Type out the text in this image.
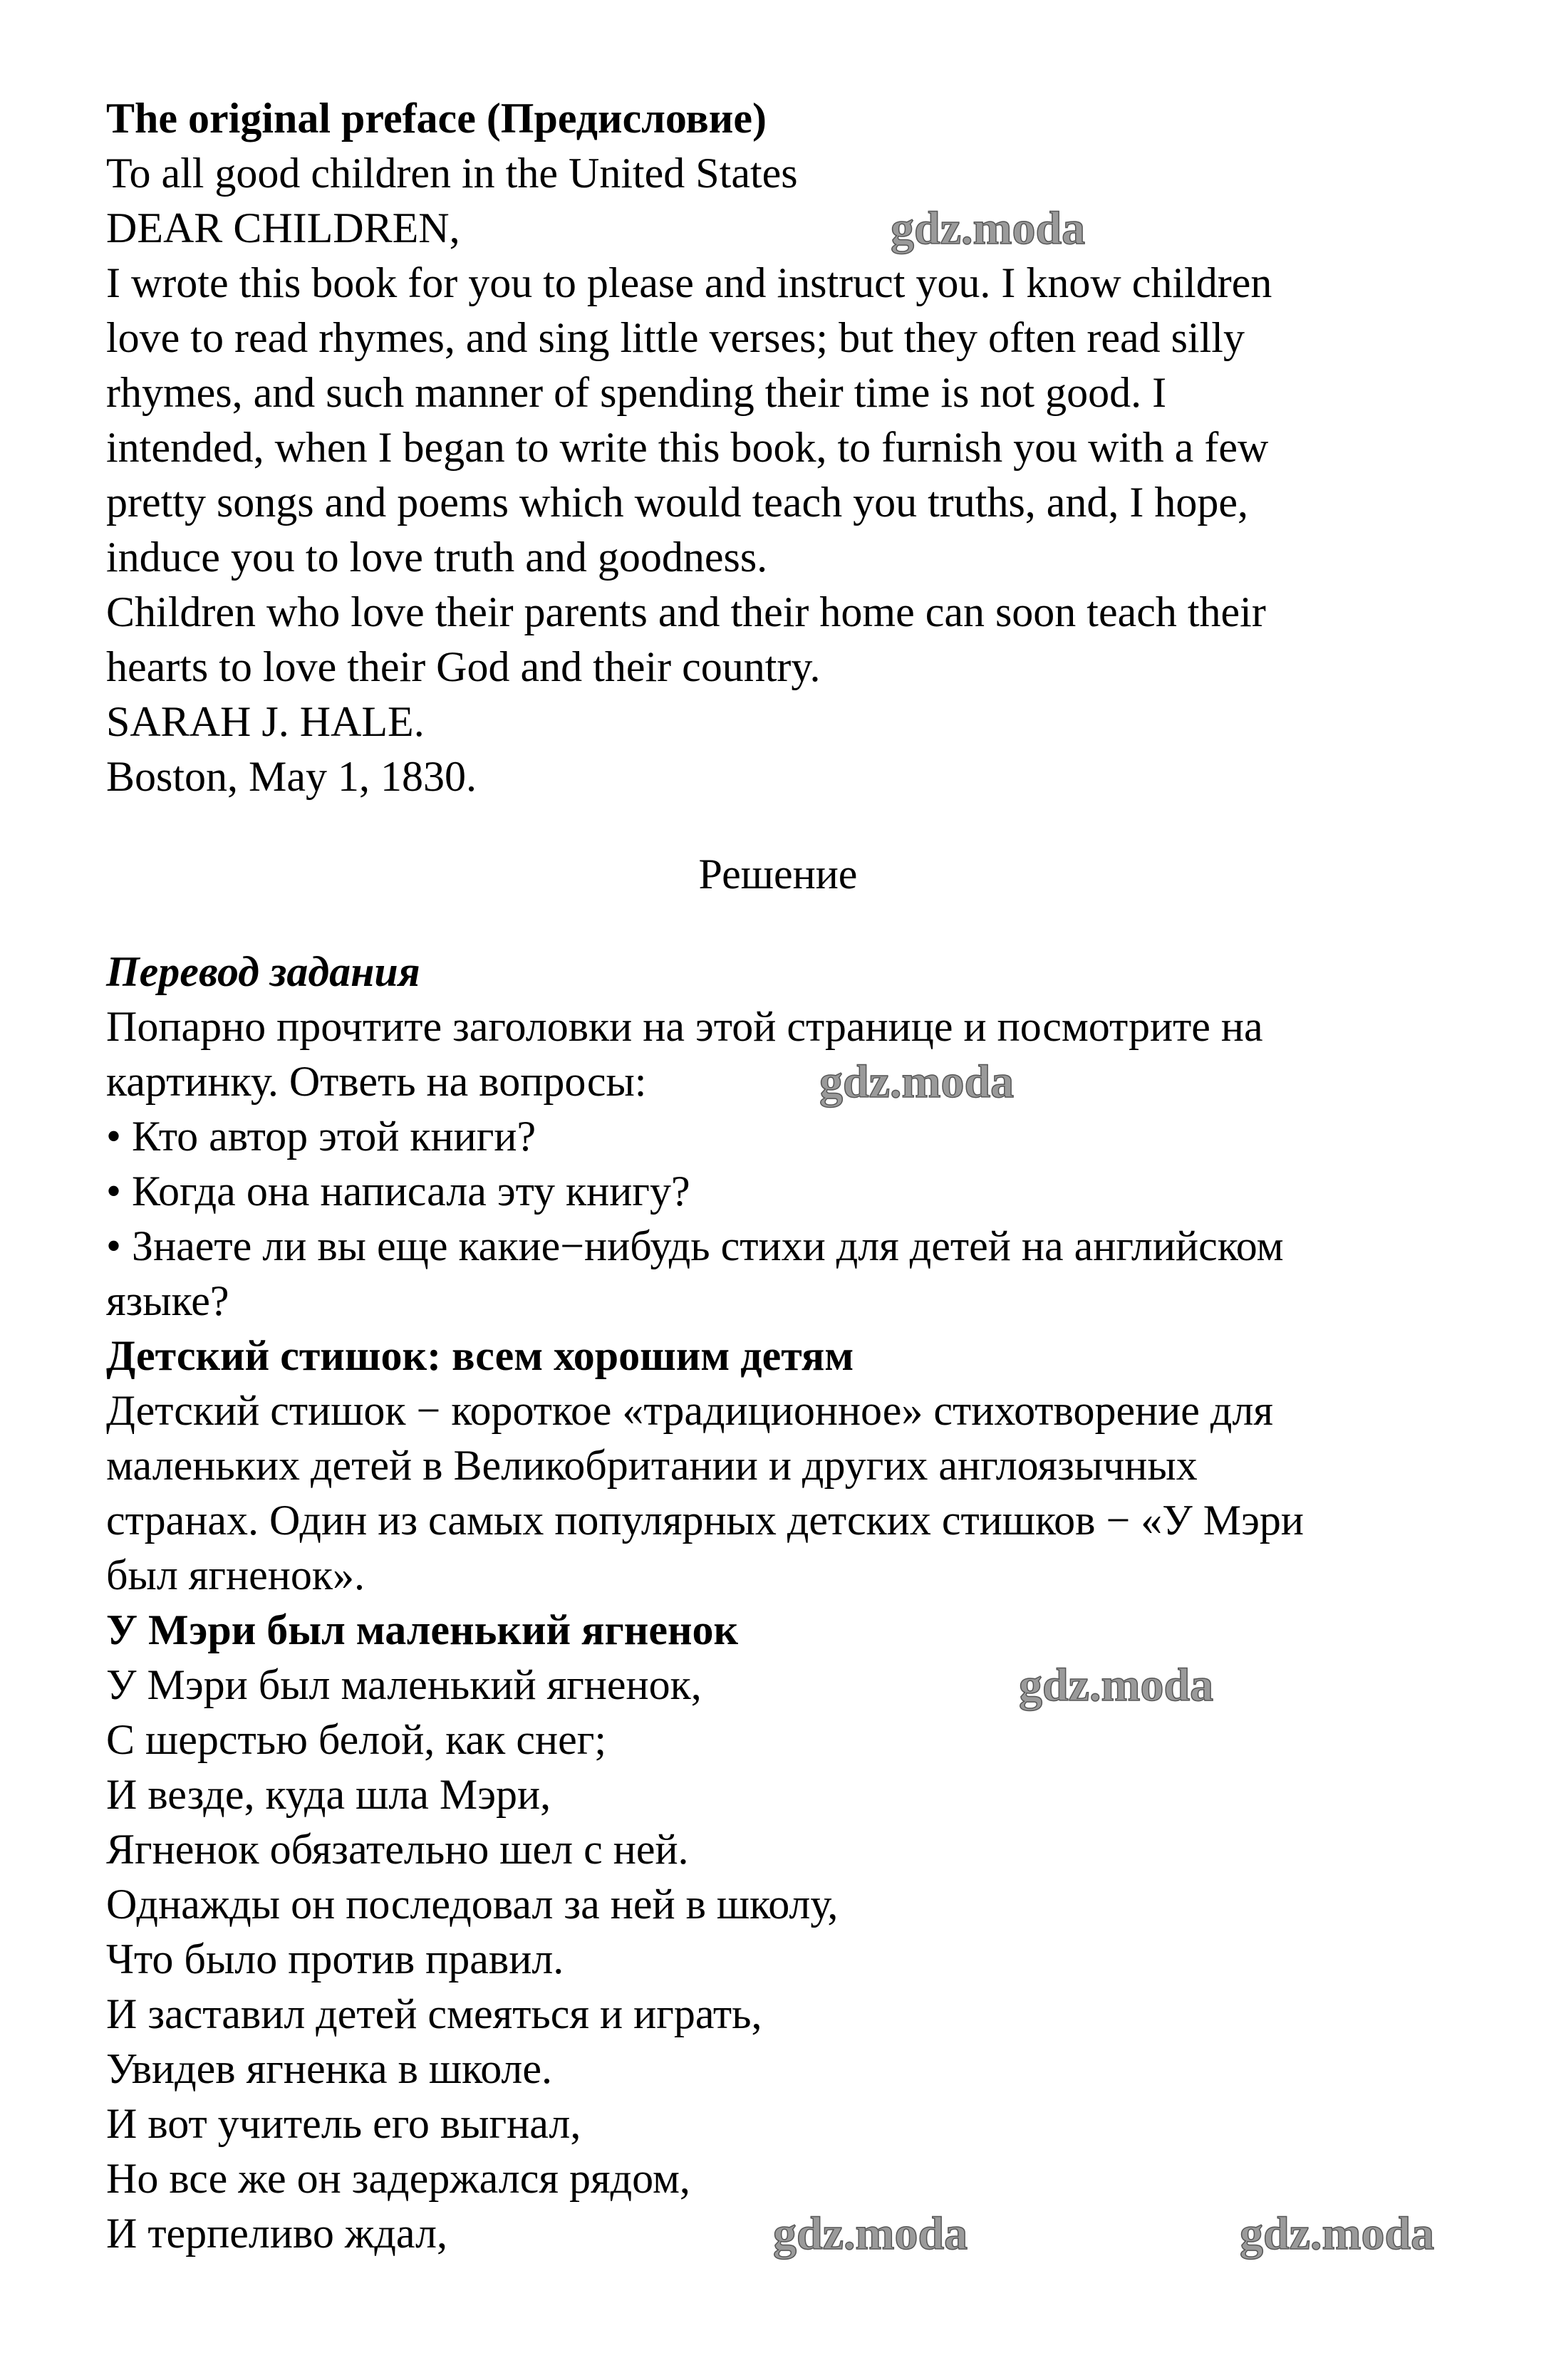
The original preface (Предисловие)
To all good children in the United States
DEAR CHILDREN,
I wrote this book for you to please and instruct you. I know children
love to read rhymes, and sing little verses; but they often read silly
rhymes, and such manner of spending their time is not good. I
intended, when I began to write this book, to furnish you with a few
pretty songs and poems which would teach you truths, and, I hope,
induce you to love truth and goodness.
Children who love their parents and their home can soon teach their
hearts to love their God and their country.
SARAH J. HALE.
Boston, May 1, 1830.
Решение
Перевод задания
Попарно прочтите заголовки на этой странице и посмотрите на
картинку. Ответь на вопросы:
• Кто автор этой книги?
• Когда она написала эту книгу?
• Знаете ли вы еще какие−нибудь стихи для детей на английском
языке?
Детский стишок: всем хорошим детям
Детский стишок − короткое «традиционное» стихотворение для
маленьких детей в Великобритании и других англоязычных
странах. Один из самых популярных детских стишков − «У Мэри
был ягненок».
У Мэри был маленький ягненок
У Мэри был маленький ягненок,
С шерстью белой, как снег;
И везде, куда шла Мэри,
Ягненок обязательно шел с ней.
Однажды он последовал за ней в школу,
Что было против правил.
И заставил детей смеяться и играть,
Увидев ягненка в школе.
И вот учитель его выгнал,
Но все же он задержался рядом,
И терпеливо ждал,
gdz.moda
gdz.moda
gdz.moda
gdz.moda	gdz.moda
